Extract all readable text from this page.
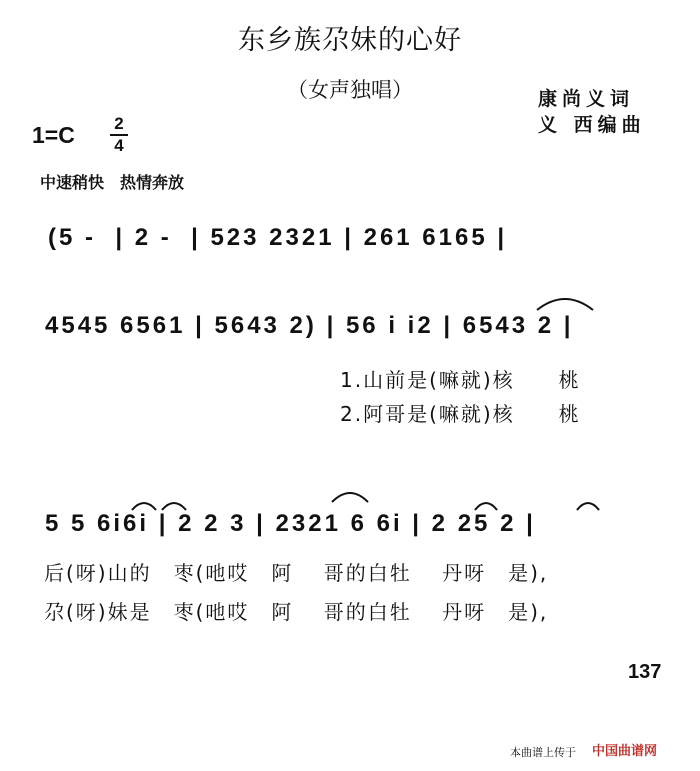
东乡族尕妹的心好
（女声独唱）	康尚义词
义 西编曲
1=C	2
4
中速稍快　热情奔放
(5 -  | 2 -  | 523 2321 | 261 6165 |
4545 6561 | 5643 2) | 56 i i2 | 6543 2 |
1.山前是(嘛就)核　　桃
2.阿哥是(嘛就)核　　桃
5 5 6i6i | 2 2 3 | 2321 6 6i | 2 25 2 |
后(呀)山的　枣(吔哎　阿　 哥的白牡　 丹呀　是),
尕(呀)妹是　枣(吔哎　阿　 哥的白牡　 丹呀　是),
137
本曲谱上传于 中国曲谱网
